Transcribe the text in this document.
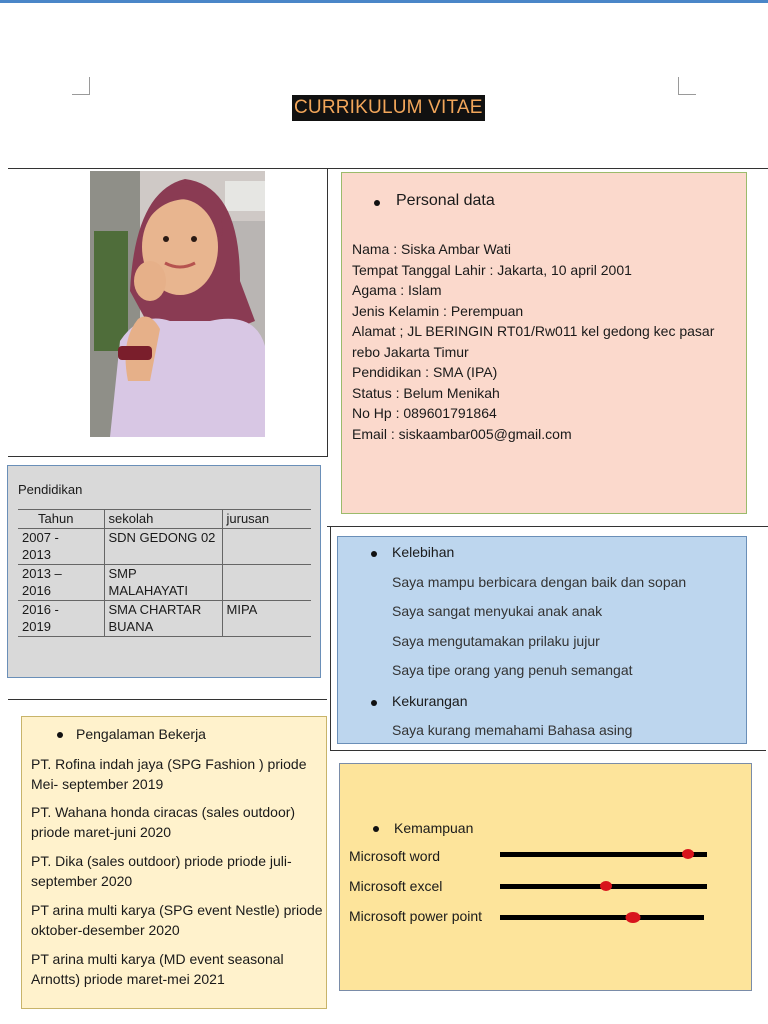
CURRIKULUM VITAE
Personal data
Nama : Siska Ambar Wati
Tempat Tanggal Lahir : Jakarta, 10 april 2001
Agama : Islam
Jenis Kelamin : Perempuan
Alamat ; JL BERINGIN RT01/Rw011 kel gedong kec pasar
rebo Jakarta Timur
Pendidikan : SMA (IPA)
Status : Belum Menikah
No Hp : 089601791864
Email : siskaambar005@gmail.com
Pendidikan
Tahun	sekolah	jurusan
2007 -
2013	SDN GEDONG 02	
2013 –
2016	SMP
MALAHAYATI	
2016 -
2019	SMA CHARTAR
BUANA	MIPA
Kelebihan
Saya mampu berbicara dengan baik dan sopan
Saya sangat menyukai anak anak
Saya mengutamakan prilaku jujur
Saya tipe orang yang penuh semangat
Kekurangan
Saya kurang memahami Bahasa asing
Pengalaman Bekerja
PT. Rofina indah jaya (SPG Fashion ) priode Mei- september 2019
PT. Wahana honda ciracas (sales outdoor) priode maret-juni 2020
PT. Dika (sales outdoor) priode priode juli-september 2020
PT arina multi karya (SPG event Nestle) priode oktober-desember 2020
PT arina multi karya (MD event seasonal Arnotts) priode maret-mei 2021
Kemampuan
Microsoft word
Microsoft excel
Microsoft power point
